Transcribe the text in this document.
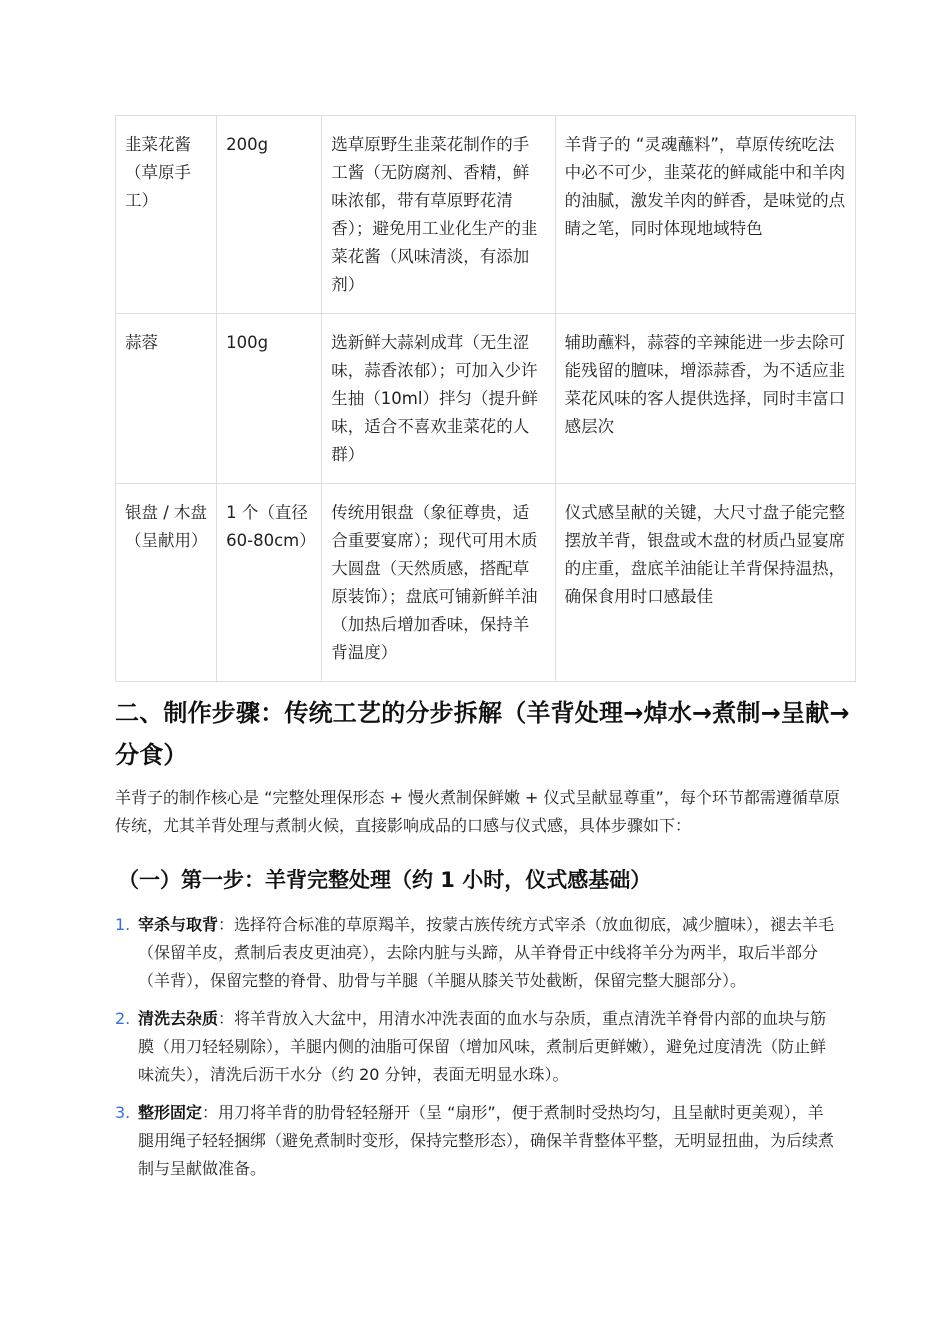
韭菜花酱（草原手工）	200g	选草原野生韭菜花制作的手工酱（无防腐剂、香精，鲜味浓郁，带有草原野花清香）；避免用工业化生产的韭菜花酱（风味清淡，有添加剂）	羊背子的 “灵魂蘸料”，草原传统吃法中必不可少，韭菜花的鲜咸能中和羊肉的油腻，激发羊肉的鲜香，是味觉的点睛之笔，同时体现地域特色
蒜蓉	100g	选新鲜大蒜剁成茸（无生涩味，蒜香浓郁）；可加入少许生抽（10ml）拌匀（提升鲜味，适合不喜欢韭菜花的人群）	辅助蘸料，蒜蓉的辛辣能进一步去除可能残留的膻味，增添蒜香，为不适应韭菜花风味的客人提供选择，同时丰富口感层次
银盘 / 木盘（呈献用）	1 个（直径 60-80cm）	传统用银盘（象征尊贵，适合重要宴席）；现代可用木质大圆盘（天然质感，搭配草原装饰）；盘底可铺新鲜羊油（加热后增加香味，保持羊背温度）	仪式感呈献的关键，大尺寸盘子能完整摆放羊背，银盘或木盘的材质凸显宴席的庄重，盘底羊油能让羊背保持温热，确保食用时口感最佳
二、制作步骤：传统工艺的分步拆解（羊背处理→焯水→煮制→呈献→分食）

羊背子的制作核心是 “完整处理保形态 + 慢火煮制保鲜嫩 + 仪式呈献显尊重”，每个环节都需遵循草原传统，尤其羊背处理与煮制火候，直接影响成品的口感与仪式感，具体步骤如下：

（一）第一步：羊背完整处理（约 1 小时，仪式感基础）
1. 宰杀与取背：选择符合标准的草原羯羊，按蒙古族传统方式宰杀（放血彻底，减少膻味），褪去羊毛（保留羊皮，煮制后表皮更油亮），去除内脏与头蹄，从羊脊骨正中线将羊分为两半，取后半部分（羊背），保留完整的脊骨、肋骨与羊腿（羊腿从膝关节处截断，保留完整大腿部分）。
2. 清洗去杂质：将羊背放入大盆中，用清水冲洗表面的血水与杂质，重点清洗羊脊骨内部的血块与筋膜（用刀轻轻剔除），羊腿内侧的油脂可保留（增加风味，煮制后更鲜嫩），避免过度清洗（防止鲜味流失），清洗后沥干水分（约 20 分钟，表面无明显水珠）。
3. 整形固定：用刀将羊背的肋骨轻轻掰开（呈 “扇形”，便于煮制时受热均匀，且呈献时更美观），羊腿用绳子轻轻捆绑（避免煮制时变形，保持完整形态），确保羊背整体平整，无明显扭曲，为后续煮制与呈献做准备。
